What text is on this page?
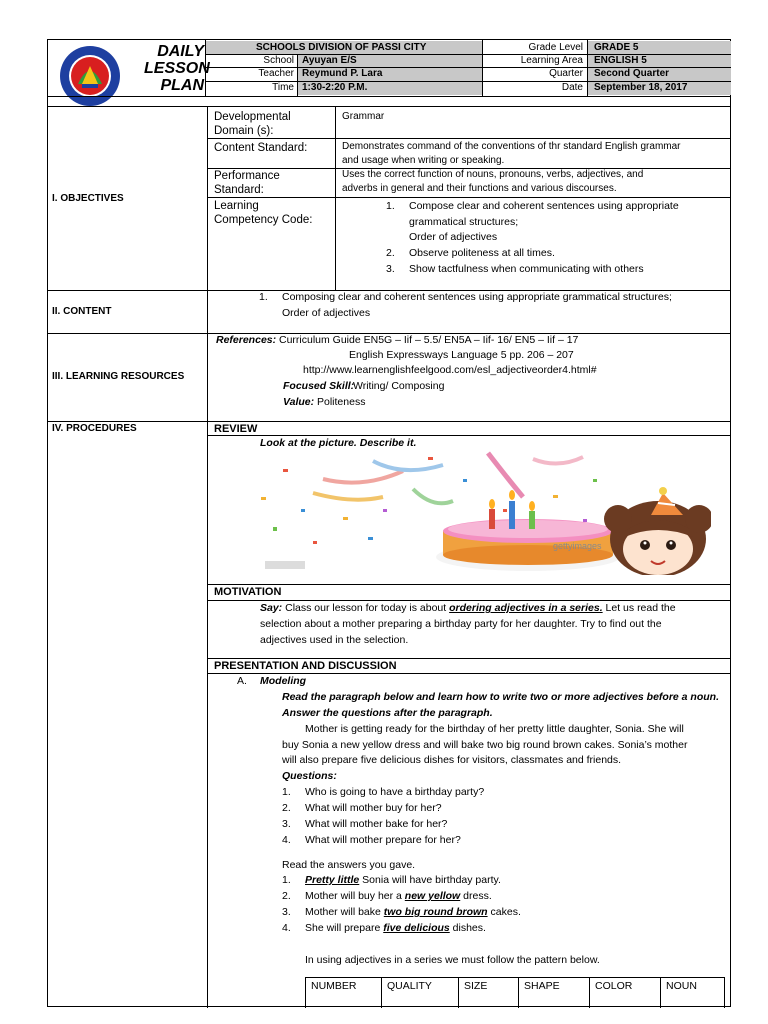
DAILY
LESSON
PLAN
SCHOOLS DIVISION OF PASSI CITY
School Ayuyan E/S
Teacher Reymund P. Lara
Time 1:30-2:20 P.M.
Grade Level GRADE 5
Learning Area ENGLISH 5
Quarter Second Quarter
Date September 18, 2017
I. OBJECTIVES
Developmental
Domain (s):
Grammar
Content Standard:	Demonstrates command of the conventions of thr standard English grammar
and usage when writing or speaking.
Performance
Standard:
Uses the correct function of nouns, pronouns, verbs, adjectives, and
adverbs in general and their functions and various discourses.
Learning
Competency Code:
1. Compose clear and coherent sentences using appropriate
grammatical structures;
Order of adjectives
2. Observe politeness at all times.
3. Show tactfulness when communicating with others
II. CONTENT
1. Composing clear and coherent sentences using appropriate grammatical structures;
Order of adjectives
III. LEARNING RESOURCES
References: Curriculum Guide EN5G – Iif – 5.5/ EN5A – Iif- 16/ EN5 – Iif – 17
English Expressways Language 5 pp. 206 – 207
http://www.learnenglishfeelgood.com/esl_adjectiveorder4.html#
Focused Skill:
Writing/ Composing
Value: Politeness
IV. PROCEDURES	REVIEW
Look at the picture. Describe it.
gettyimages
MOTIVATION
Say: Class our lesson for today is about ordering adjectives in a series. Let us read the
selection about a mother preparing a birthday party for her daughter. Try to find out the
adjectives used in the selection.
PRESENTATION AND DISCUSSION
A. Modeling
Read the paragraph below and learn how to write two or more adjectives before a noun.
Answer the questions after the paragraph.
Mother is getting ready for the birthday of her pretty little daughter, Sonia. She will
buy Sonia a new yellow dress and will bake two big round brown cakes. Sonia’s mother
will also prepare five delicious dishes for visitors, classmates and friends.
Questions:
1. Who is going to have a birthday party?
2. What will mother buy for her?
3. What will mother bake for her?
4. What will mother prepare for her?
Read the answers you gave.
1. Pretty little Sonia will have birthday party.
2. Mother will buy her a new yellow dress.
3. Mother will bake two big round brown cakes.
4. She will prepare five delicious dishes.
In using adjectives in a series we must follow the pattern below.
NUMBER	QUALITY	SIZE	SHAPE	COLOR	NOUN
